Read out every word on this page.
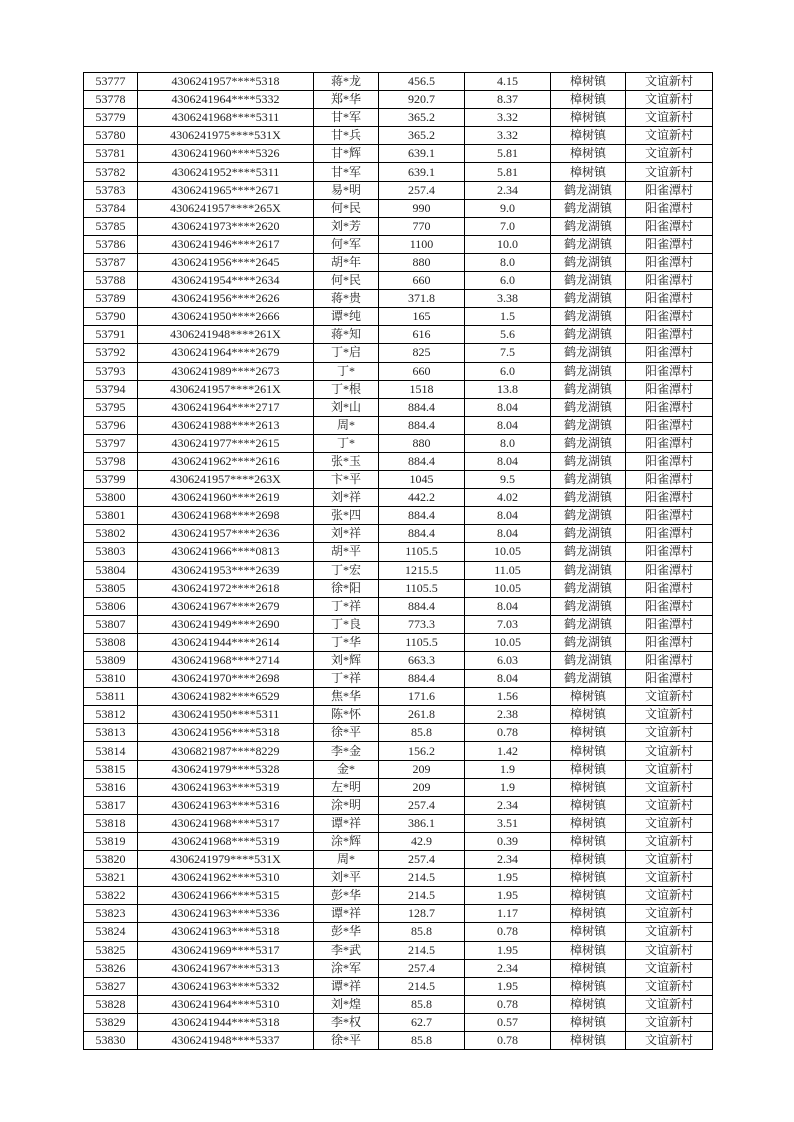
53777	4306241957****5318	蒋*龙	456.5	4.15	樟树镇	文谊新村
53778	4306241964****5332	郑*华	920.7	8.37	樟树镇	文谊新村
53779	4306241968****5311	甘*军	365.2	3.32	樟树镇	文谊新村
53780	4306241975****531X	甘*兵	365.2	3.32	樟树镇	文谊新村
53781	4306241960****5326	甘*辉	639.1	5.81	樟树镇	文谊新村
53782	4306241952****5311	甘*军	639.1	5.81	樟树镇	文谊新村
53783	4306241965****2671	易*明	257.4	2.34	鹤龙湖镇	阳雀潭村
53784	4306241957****265X	何*民	990	9.0	鹤龙湖镇	阳雀潭村
53785	4306241973****2620	刘*芳	770	7.0	鹤龙湖镇	阳雀潭村
53786	4306241946****2617	何*军	1100	10.0	鹤龙湖镇	阳雀潭村
53787	4306241956****2645	胡*年	880	8.0	鹤龙湖镇	阳雀潭村
53788	4306241954****2634	何*民	660	6.0	鹤龙湖镇	阳雀潭村
53789	4306241956****2626	蒋*贵	371.8	3.38	鹤龙湖镇	阳雀潭村
53790	4306241950****2666	谭*纯	165	1.5	鹤龙湖镇	阳雀潭村
53791	4306241948****261X	蒋*知	616	5.6	鹤龙湖镇	阳雀潭村
53792	4306241964****2679	丁*启	825	7.5	鹤龙湖镇	阳雀潭村
53793	4306241989****2673	丁*	660	6.0	鹤龙湖镇	阳雀潭村
53794	4306241957****261X	丁*根	1518	13.8	鹤龙湖镇	阳雀潭村
53795	4306241964****2717	刘*山	884.4	8.04	鹤龙湖镇	阳雀潭村
53796	4306241988****2613	周*	884.4	8.04	鹤龙湖镇	阳雀潭村
53797	4306241977****2615	丁*	880	8.0	鹤龙湖镇	阳雀潭村
53798	4306241962****2616	张*玉	884.4	8.04	鹤龙湖镇	阳雀潭村
53799	4306241957****263X	卞*平	1045	9.5	鹤龙湖镇	阳雀潭村
53800	4306241960****2619	刘*祥	442.2	4.02	鹤龙湖镇	阳雀潭村
53801	4306241968****2698	张*四	884.4	8.04	鹤龙湖镇	阳雀潭村
53802	4306241957****2636	刘*祥	884.4	8.04	鹤龙湖镇	阳雀潭村
53803	4306241966****0813	胡*平	1105.5	10.05	鹤龙湖镇	阳雀潭村
53804	4306241953****2639	丁*宏	1215.5	11.05	鹤龙湖镇	阳雀潭村
53805	4306241972****2618	徐*阳	1105.5	10.05	鹤龙湖镇	阳雀潭村
53806	4306241967****2679	丁*祥	884.4	8.04	鹤龙湖镇	阳雀潭村
53807	4306241949****2690	丁*良	773.3	7.03	鹤龙湖镇	阳雀潭村
53808	4306241944****2614	丁*华	1105.5	10.05	鹤龙湖镇	阳雀潭村
53809	4306241968****2714	刘*辉	663.3	6.03	鹤龙湖镇	阳雀潭村
53810	4306241970****2698	丁*祥	884.4	8.04	鹤龙湖镇	阳雀潭村
53811	4306241982****6529	焦*华	171.6	1.56	樟树镇	文谊新村
53812	4306241950****5311	陈*怀	261.8	2.38	樟树镇	文谊新村
53813	4306241956****5318	徐*平	85.8	0.78	樟树镇	文谊新村
53814	4306821987****8229	李*金	156.2	1.42	樟树镇	文谊新村
53815	4306241979****5328	金*	209	1.9	樟树镇	文谊新村
53816	4306241963****5319	左*明	209	1.9	樟树镇	文谊新村
53817	4306241963****5316	涂*明	257.4	2.34	樟树镇	文谊新村
53818	4306241968****5317	谭*祥	386.1	3.51	樟树镇	文谊新村
53819	4306241968****5319	涂*辉	42.9	0.39	樟树镇	文谊新村
53820	4306241979****531X	周*	257.4	2.34	樟树镇	文谊新村
53821	4306241962****5310	刘*平	214.5	1.95	樟树镇	文谊新村
53822	4306241966****5315	彭*华	214.5	1.95	樟树镇	文谊新村
53823	4306241963****5336	谭*祥	128.7	1.17	樟树镇	文谊新村
53824	4306241963****5318	彭*华	85.8	0.78	樟树镇	文谊新村
53825	4306241969****5317	李*武	214.5	1.95	樟树镇	文谊新村
53826	4306241967****5313	涂*军	257.4	2.34	樟树镇	文谊新村
53827	4306241963****5332	谭*祥	214.5	1.95	樟树镇	文谊新村
53828	4306241964****5310	刘*煌	85.8	0.78	樟树镇	文谊新村
53829	4306241944****5318	李*权	62.7	0.57	樟树镇	文谊新村
53830	4306241948****5337	徐*平	85.8	0.78	樟树镇	文谊新村
